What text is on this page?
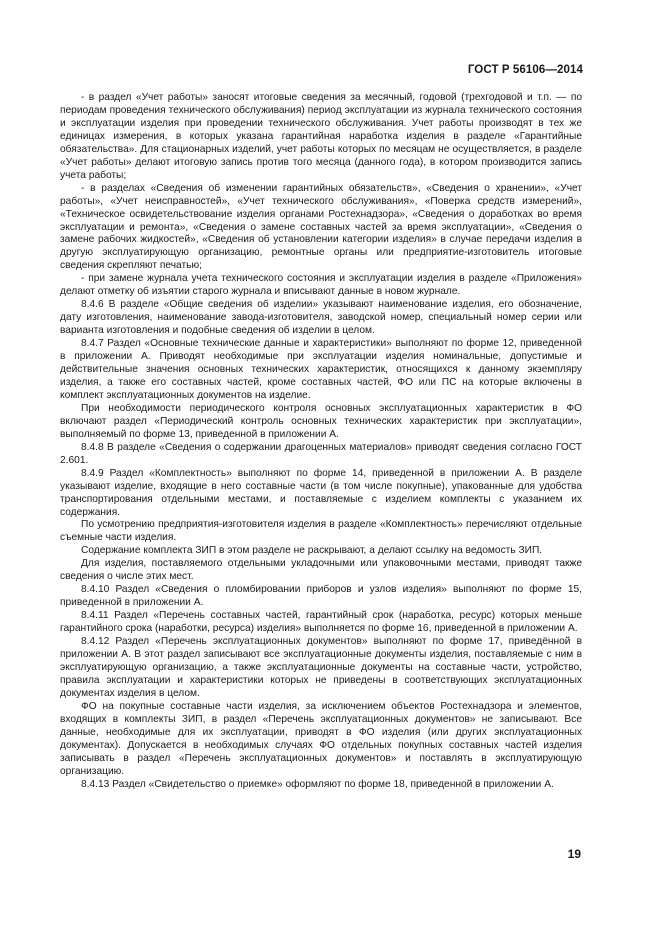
ГОСТ Р 56106—2014

- в раздел «Учет работы» заносят итоговые сведения за месячный, годовой (трехгодовой и т.п. — по периодам проведения технического обслуживания) период эксплуатации из журнала технического состояния и эксплуатации изделия при проведении технического обслуживания. Учет работы производят в тех же единицах измерения, в которых указана гарантийная наработка изделия в разделе «Гарантийные обязательства». Для стационарных изделий, учет работы которых по месяцам не осуществляется, в разделе «Учет работы» делают итоговую запись против того месяца (данного года), в котором производится запись учета работы;

- в разделах «Сведения об изменении гарантийных обязательств», «Сведения о хранении», «Учет работы», «Учет неисправностей», «Учет технического обслуживания», «Поверка средств измерений», «Техническое освидетельствование изделия органами Ростехнадзора», «Сведения о доработках во время эксплуатации и ремонта», «Сведения о замене составных частей за время эксплуатации», «Сведения о замене рабочих жидкостей», «Сведения об установлении категории изделия» в случае передачи изделия в другую эксплуатирующую организацию, ремонтные органы или предприятие-изготовитель итоговые сведения скрепляют печатью;

- при замене журнала учета технического состояния и эксплуатации изделия в разделе «Приложения» делают отметку об изъятии старого журнала и вписывают данные в новом журнале.

8.4.6 В разделе «Общие сведения об изделии» указывают наименование изделия, его обозначение, дату изготовления, наименование завода-изготовителя, заводской номер, специальный номер серии или варианта изготовления и подобные сведения об изделии в целом.

8.4.7 Раздел «Основные технические данные и характеристики» выполняют по форме 12, приведенной в приложении А. Приводят необходимые при эксплуатации изделия номинальные, допустимые и действительные значения основных технических характеристик, относящихся к данному экземпляру изделия, а также его составных частей, кроме составных частей, ФО или ПС на которые включены в комплект эксплуатационных документов на изделие.

При необходимости периодического контроля основных эксплуатационных характеристик в ФО включают раздел «Периодический контроль основных технических характеристик при эксплуатации», выполняемый по форме 13, приведенной в приложении А.

8.4.8 В разделе «Сведения о содержании драгоценных материалов» приводят сведения согласно ГОСТ 2.601.

8.4.9 Раздел «Комплектность» выполняют по форме 14, приведенной в приложении А. В разделе указывают изделие, входящие в него составные части (в том числе покупные), упакованные для удобства транспортирования отдельными местами, и поставляемые с изделием комплекты с указанием их содержания.

По усмотрению предприятия-изготовителя изделия в разделе «Комплектность» перечисляют отдельные съемные части изделия.

Содержание комплекта ЗИП в этом разделе не раскрывают, а делают ссылку на ведомость ЗИП.

Для изделия, поставляемого отдельными укладочными или упаковочными местами, приводят также сведения о числе этих мест.

8.4.10 Раздел «Сведения о пломбировании приборов и узлов изделия» выполняют по форме 15, приведенной в приложении А.

8.4.11 Раздел «Перечень составных частей, гарантийный срок (наработка, ресурс) которых меньше гарантийного срока (наработки, ресурса) изделия» выполняется по форме 16, приведенной в приложении А.

8.4.12 Раздел «Перечень эксплуатационных документов» выполняют по форме 17, приведённой в приложении А. В этот раздел записывают все эксплуатационные документы изделия, поставляемые с ним в эксплуатирующую организацию, а также эксплуатационные документы на составные части, устройство, правила эксплуатации и характеристики которых не приведены в соответствующих эксплуатационных документах изделия в целом.

ФО на покупные составные части изделия, за исключением объектов Ростехнадзора и элементов, входящих в комплекты ЗИП, в раздел «Перечень эксплуатационных документов» не записывают. Все данные, необходимые для их эксплуатации, приводят в ФО изделия (или других эксплуатационных документах). Допускается в необходимых случаях ФО отдельных покупных составных частей изделия записывать в раздел «Перечень эксплуатационных документов» и поставлять в эксплуатирующую организацию.

8.4.13 Раздел «Свидетельство о приемке» оформляют по форме 18, приведенной в приложении А.

19
